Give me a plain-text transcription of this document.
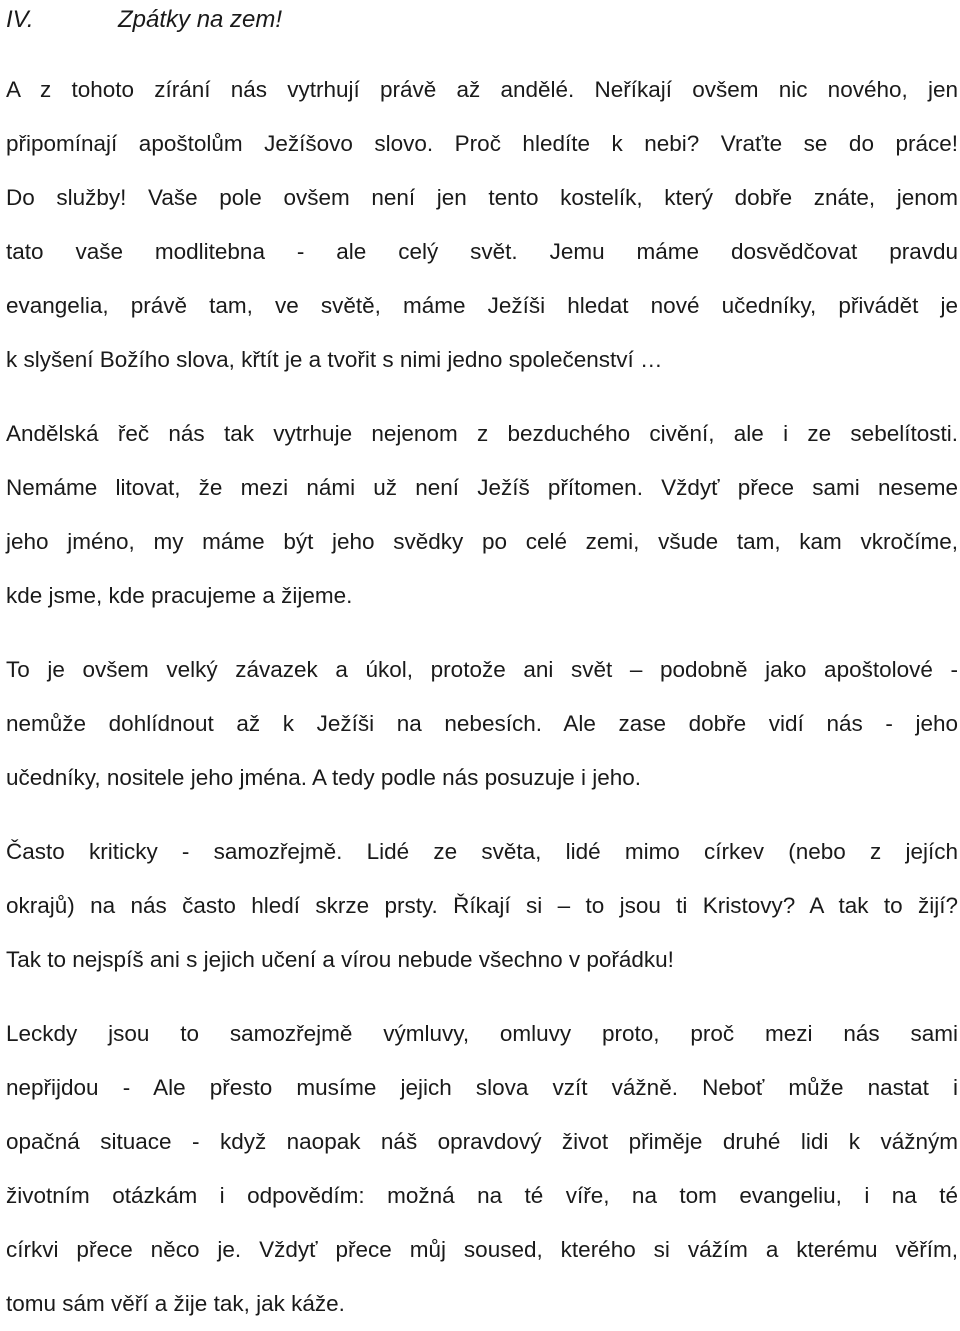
IV.	Zpátky na zem!
A z tohoto zírání nás vytrhují právě až andělé. Neříkají ovšem nic nového, jen
připomínají apoštolům Ježíšovo slovo. Proč hledíte k nebi? Vraťte se do práce!
Do služby! Vaše pole ovšem není jen tento kostelík, který dobře znáte, jenom
tato vaše modlitebna - ale celý svět. Jemu máme dosvědčovat pravdu
evangelia, právě tam, ve světě, máme Ježíši hledat nové učedníky, přivádět je
k slyšení Božího slova, křtít je a tvořit s nimi jedno společenství …
Andělská řeč nás tak vytrhuje nejenom z bezduchého civění, ale i ze sebelítosti.
Nemáme litovat, že mezi námi už není Ježíš přítomen. Vždyť přece sami neseme
jeho jméno, my máme být jeho svědky po celé zemi, všude tam, kam vkročíme,
kde jsme, kde pracujeme a žijeme.
To je ovšem velký závazek a úkol, protože ani svět – podobně jako apoštolové -
nemůže dohlídnout až k Ježíši na nebesích. Ale zase dobře vidí nás - jeho
učedníky, nositele jeho jména. A tedy podle nás posuzuje i jeho.
Často kriticky - samozřejmě. Lidé ze světa, lidé mimo církev (nebo z jejích
okrajů) na nás často hledí skrze prsty. Říkají si – to jsou ti Kristovy? A tak to žijí?
Tak to nejspíš ani s jejich učení a vírou nebude všechno v pořádku!
Leckdy jsou to samozřejmě výmluvy, omluvy proto, proč mezi nás sami
nepřijdou - Ale přesto musíme jejich slova vzít vážně. Neboť může nastat i
opačná situace - když naopak náš opravdový život přiměje druhé lidi k vážným
životním otázkám i odpovědím: možná na té víře, na tom evangeliu, i na té
církvi přece něco je. Vždyť přece můj soused, kterého si vážím a kterému věřím,
tomu sám věří a žije tak, jak káže.
